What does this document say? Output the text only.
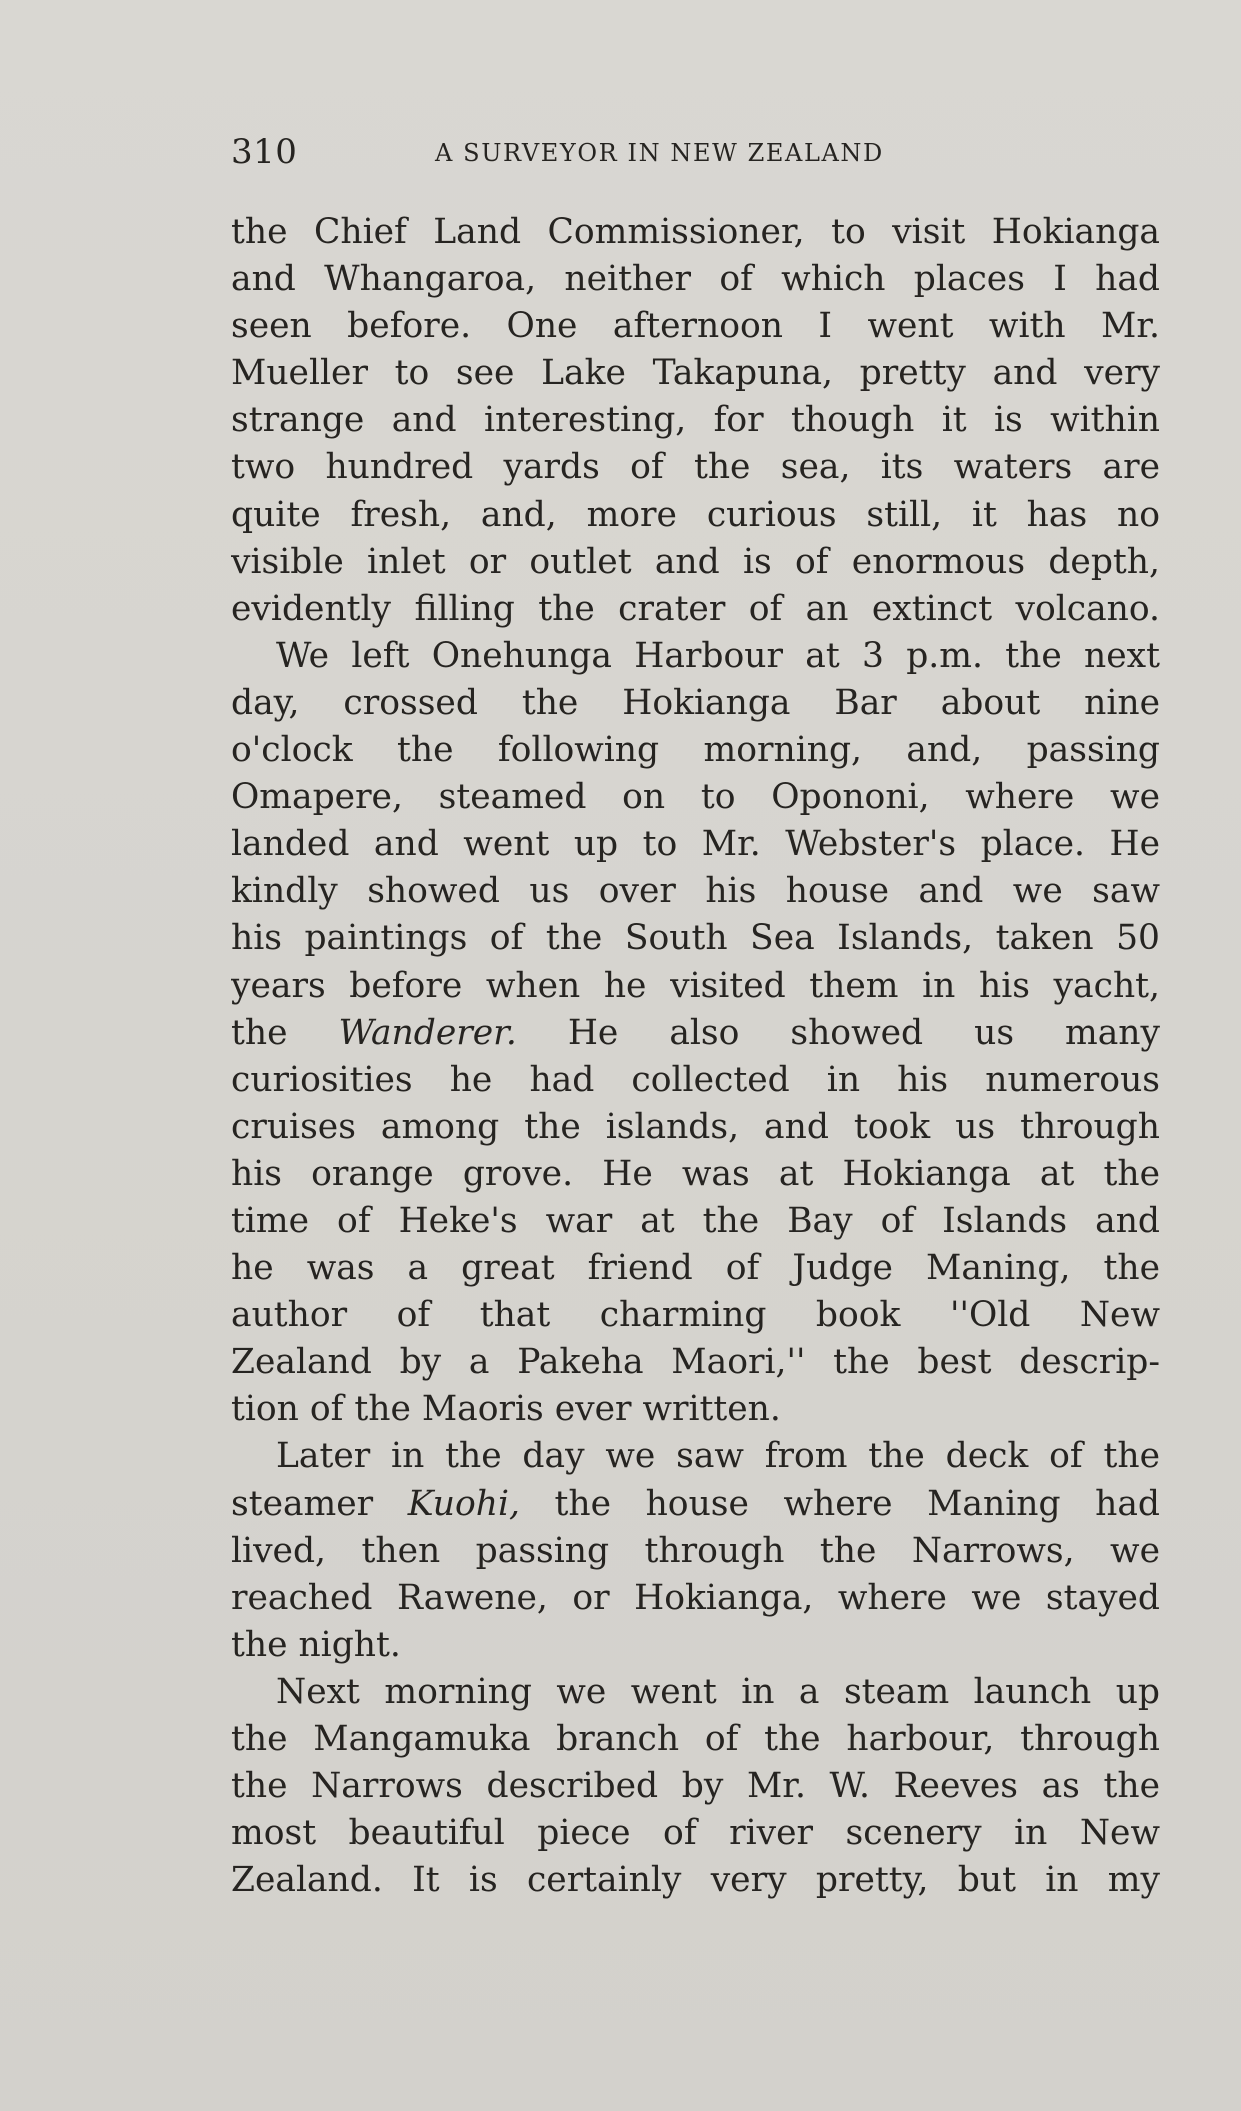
310	A SURVEYOR IN NEW ZEALAND
the Chief Land Commissioner, to visit Hokianga
and Whangaroa, neither of which places I had
seen before. One afternoon I went with Mr.
Mueller to see Lake Takapuna, pretty and very
strange and interesting, for though it is within
two hundred yards of the sea, its waters are
quite fresh, and, more curious still, it has no
visible inlet or outlet and is of enormous depth,
evidently filling the crater of an extinct volcano.
We left Onehunga Harbour at 3 p.m. the next
day, crossed the Hokianga Bar about nine
o'clock the following morning, and, passing
Omapere, steamed on to Opononi, where we
landed and went up to Mr. Webster's place. He
kindly showed us over his house and we saw
his paintings of the South Sea Islands, taken 50
years before when he visited them in his yacht,
the Wanderer. He also showed us many
curiosities he had collected in his numerous
cruises among the islands, and took us through
his orange grove. He was at Hokianga at the
time of Heke's war at the Bay of Islands and
he was a great friend of Judge Maning, the
author of that charming book ''Old New
Zealand by a Pakeha Maori,'' the best descrip-
tion of the Maoris ever written.
Later in the day we saw from the deck of the
steamer Kuohi, the house where Maning had
lived, then passing through the Narrows, we
reached Rawene, or Hokianga, where we stayed
the night.
Next morning we went in a steam launch up
the Mangamuka branch of the harbour, through
the Narrows described by Mr. W. Reeves as the
most beautiful piece of river scenery in New
Zealand. It is certainly very pretty, but in my
